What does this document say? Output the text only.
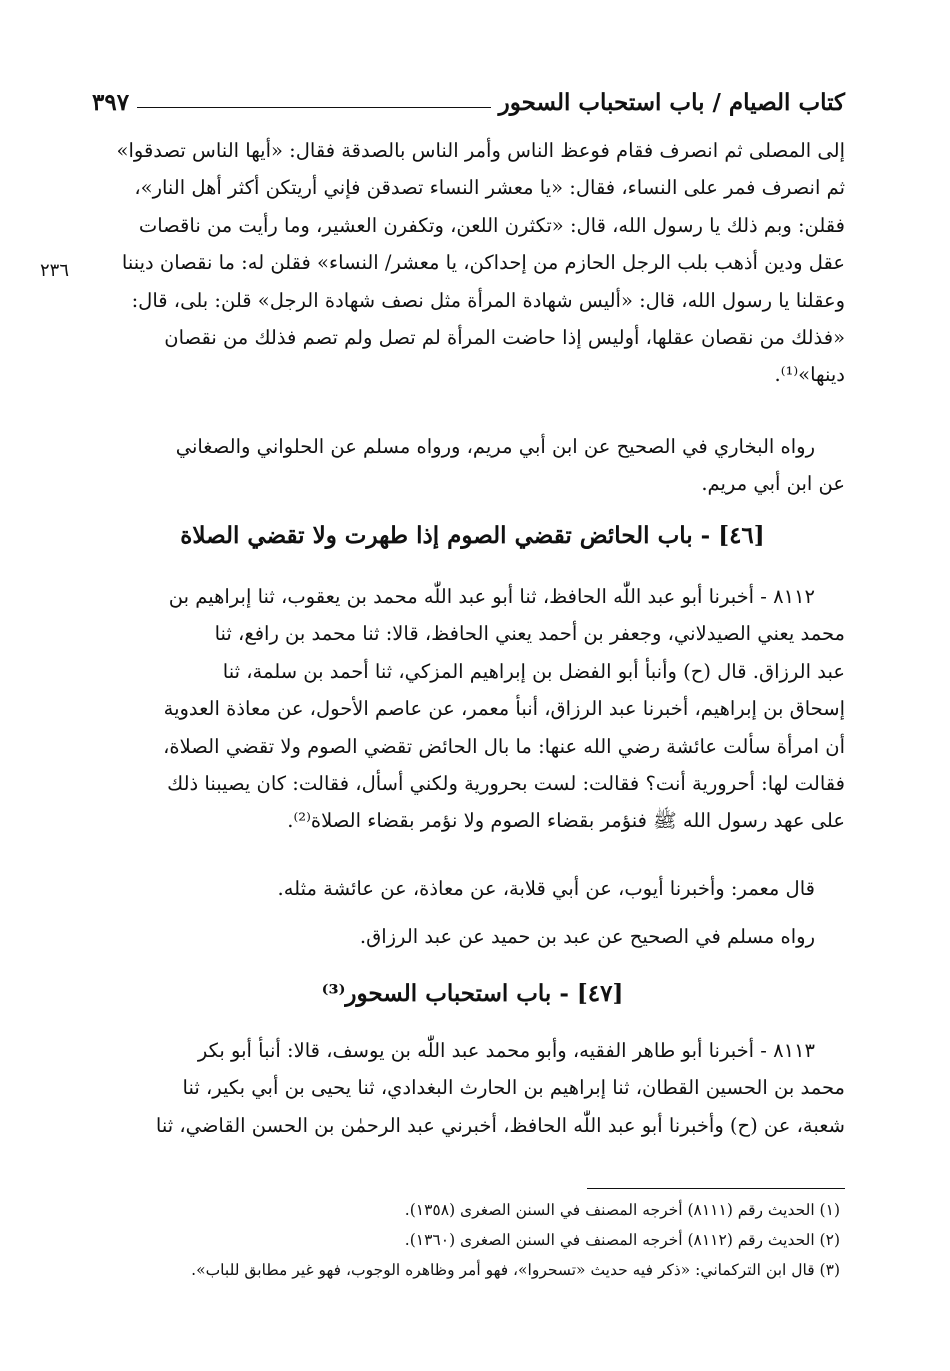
كتاب الصيام / باب استحباب السحور
٣٩٧

إلى المصلى ثم انصرف فقام فوعظ الناس وأمر الناس بالصدقة فقال: «أيها الناس تصدقوا»

ثم انصرف فمر على النساء، فقال: «يا معشر النساء تصدقن فإني أريتكن أكثر أهل النار»،

فقلن: وبم ذلك يا رسول الله، قال: «تكثرن اللعن، وتكفرن العشير، وما رأيت من ناقصات

عقل ودين أذهب بلب الرجل الحازم من إحداكن، يا معشر/ النساء» فقلن له: ما نقصان ديننا

وعقلنا يا رسول الله، قال: «أليس شهادة المرأة مثل نصف شهادة الرجل» قلن: بلى، قال:

«فذلك من نقصان عقلها، أوليس إذا حاضت المرأة لم تصل ولم تصم فذلك من نقصان

دينها»⁽¹⁾.

٢٣٦

رواه البخاري في الصحيح عن ابن أبي مريم، ورواه مسلم عن الحلواني والصغاني

عن ابن أبي مريم.

[٤٦] - باب الحائض تقضي الصوم إذا طهرت ولا تقضي الصلاة

٨١١٢ - أخبرنا أبو عبد اللّٰه الحافظ، ثنا أبو عبد اللّٰه محمد بن يعقوب، ثنا إبراهيم بن

محمد يعني الصيدلاني، وجعفر بن أحمد يعني الحافظ، قالا: ثنا محمد بن رافع، ثنا

عبد الرزاق. قال (ح) وأنبأ أبو الفضل بن إبراهيم المزكي، ثنا أحمد بن سلمة، ثنا

إسحاق بن إبراهيم، أخبرنا عبد الرزاق، أنبأ معمر، عن عاصم الأحول، عن معاذة العدوية

أن امرأة سألت عائشة رضي الله عنها: ما بال الحائض تقضي الصوم ولا تقضي الصلاة،

فقالت لها: أحرورية أنت؟ فقالت: لست بحرورية ولكني أسأل، فقالت: كان يصيبنا ذلك

على عهد رسول الله ﷺ فنؤمر بقضاء الصوم ولا نؤمر بقضاء الصلاة⁽²⁾.

قال معمر: وأخبرنا أيوب، عن أبي قلابة، عن معاذة، عن عائشة مثله.

رواه مسلم في الصحيح عن عبد بن حميد عن عبد الرزاق.

[٤٧] - باب استحباب السحور⁽³⁾

٨١١٣ - أخبرنا أبو طاهر الفقيه، وأبو محمد عبد اللّٰه بن يوسف، قالا: أنبأ أبو بكر

محمد بن الحسين القطان، ثنا إبراهيم بن الحارث البغدادي، ثنا يحيى بن أبي بكير، ثنا

شعبة، عن (ح) وأخبرنا أبو عبد اللّٰه الحافظ، أخبرني عبد الرحمٰن بن الحسن القاضي، ثنا

(١) الحديث رقم (٨١١١) أخرجه المصنف في السنن الصغرى (١٣٥٨).
(٢) الحديث رقم (٨١١٢) أخرجه المصنف في السنن الصغرى (١٣٦٠).
(٣) قال ابن التركماني: «ذكر فيه حديث «تسحروا»، فهو أمر وظاهره الوجوب، فهو غير مطابق للباب».
